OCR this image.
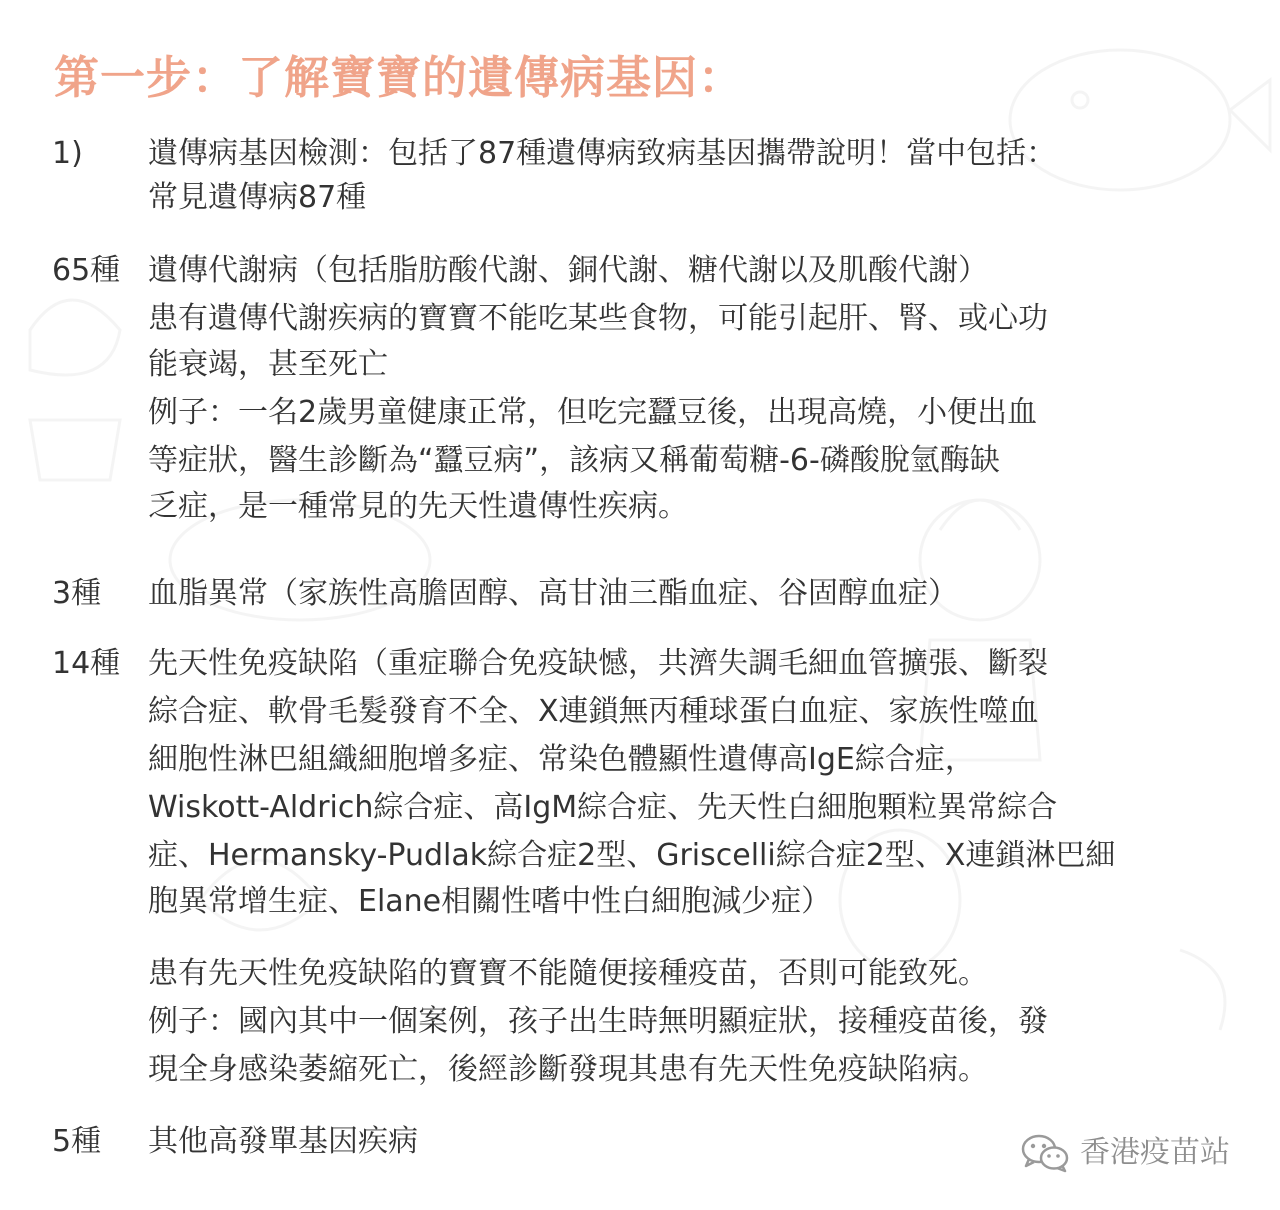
第一步：了解寶寶的遺傳病基因：
1) 遺傳病基因檢測：包括了87種遺傳病致病基因攜帶說明！當中包括：
常見遺傳病87種
65種 遺傳代謝病（包括脂肪酸代謝、銅代謝、糖代謝以及肌酸代謝）
患有遺傳代謝疾病的寶寶不能吃某些食物，可能引起肝、腎、或心功
能衰竭，甚至死亡
例子：一名2歲男童健康正常，但吃完蠶豆後，出現高燒，小便出血
等症狀，醫生診斷為“蠶豆病”，該病又稱葡萄糖-6-磷酸脫氫酶缺
乏症，是一種常見的先天性遺傳性疾病。
3種 血脂異常（家族性高膽固醇、高甘油三酯血症、谷固醇血症）
14種 先天性免疫缺陷（重症聯合免疫缺憾，共濟失調毛細血管擴張、斷裂
綜合症、軟骨毛髮發育不全、X連鎖無丙種球蛋白血症、家族性噬血
細胞性淋巴組織細胞增多症、常染色體顯性遺傳高IgE綜合症，
Wiskott-Aldrich綜合症、高IgM綜合症、先天性白細胞顆粒異常綜合
症、Hermansky-Pudlak綜合症2型、Griscelli綜合症2型、X連鎖淋巴細
胞異常增生症、Elane相關性嗜中性白細胞減少症）
患有先天性免疫缺陷的寶寶不能隨便接種疫苗，否則可能致死。
例子：國內其中一個案例，孩子出生時無明顯症狀，接種疫苗後，發
現全身感染萎縮死亡，後經診斷發現其患有先天性免疫缺陷病。
5種 其他高發單基因疾病	香港疫苗站
